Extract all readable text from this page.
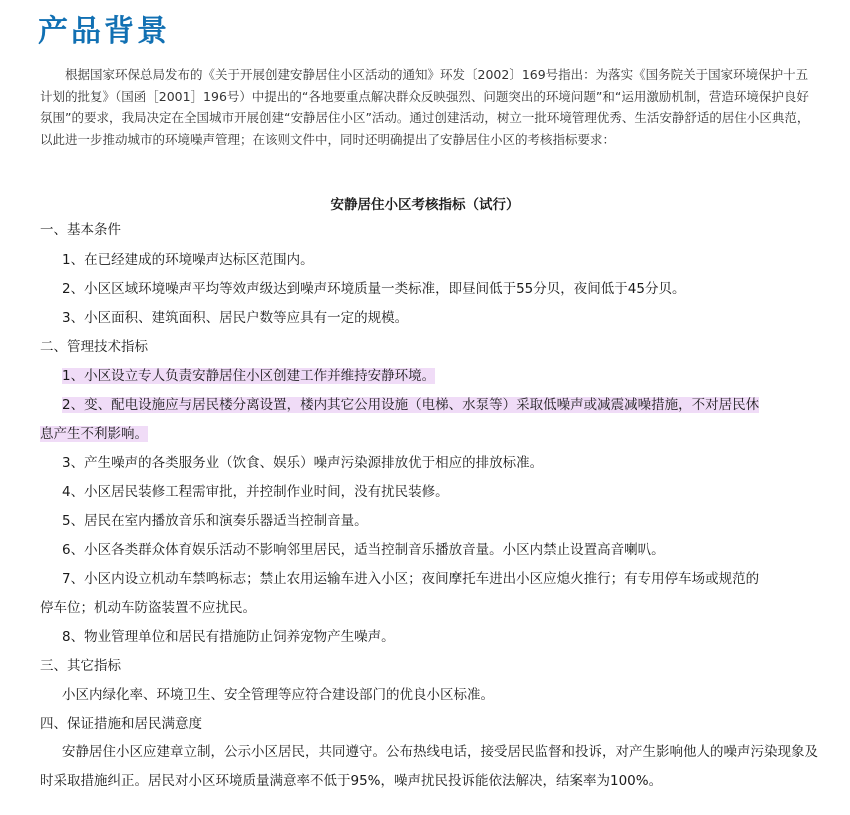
产品背景

根据国家环保总局发布的《关于开展创建安静居住小区活动的通知》环发〔2002〕169号指出：为落实《国务院关于国家环境保护十五计划的批复》（国函［2001］196号）中提出的“各地要重点解决群众反映强烈、问题突出的环境问题”和“运用激励机制，营造环境保护良好氛围”的要求，我局决定在全国城市开展创建“安静居住小区”活动。通过创建活动，树立一批环境管理优秀、生活安静舒适的居住小区典范，以此进一步推动城市的环境噪声管理；在该则文件中，同时还明确提出了安静居住小区的考核指标要求：

安静居住小区考核指标（试行）

一、基本条件

1、在已经建成的环境噪声达标区范围内。

2、小区区域环境噪声平均等效声级达到噪声环境质量一类标准，即昼间低于55分贝，夜间低于45分贝。

3、小区面积、建筑面积、居民户数等应具有一定的规模。

二、管理技术指标

1、小区设立专人负责安静居住小区创建工作并维持安静环境。

2、变、配电设施应与居民楼分离设置，楼内其它公用设施（电梯、水泵等）采取低噪声或减震减噪措施，不对居民休

息产生不利影响。

3、产生噪声的各类服务业（饮食、娱乐）噪声污染源排放优于相应的排放标准。

4、小区居民装修工程需审批，并控制作业时间，没有扰民装修。

5、居民在室内播放音乐和演奏乐器适当控制音量。

6、小区各类群众体育娱乐活动不影响邻里居民，适当控制音乐播放音量。小区内禁止设置高音喇叭。

7、小区内设立机动车禁鸣标志；禁止农用运输车进入小区；夜间摩托车进出小区应熄火推行；有专用停车场或规范的

停车位；机动车防盗装置不应扰民。

8、物业管理单位和居民有措施防止饲养宠物产生噪声。

三、其它指标

小区内绿化率、环境卫生、安全管理等应符合建设部门的优良小区标准。

四、保证措施和居民满意度

安静居住小区应建章立制，公示小区居民，共同遵守。公布热线电话，接受居民监督和投诉，对产生影响他人的噪声污染现象及时采取措施纠正。居民对小区环境质量满意率不低于95%，噪声扰民投诉能依法解决，结案率为100%。
